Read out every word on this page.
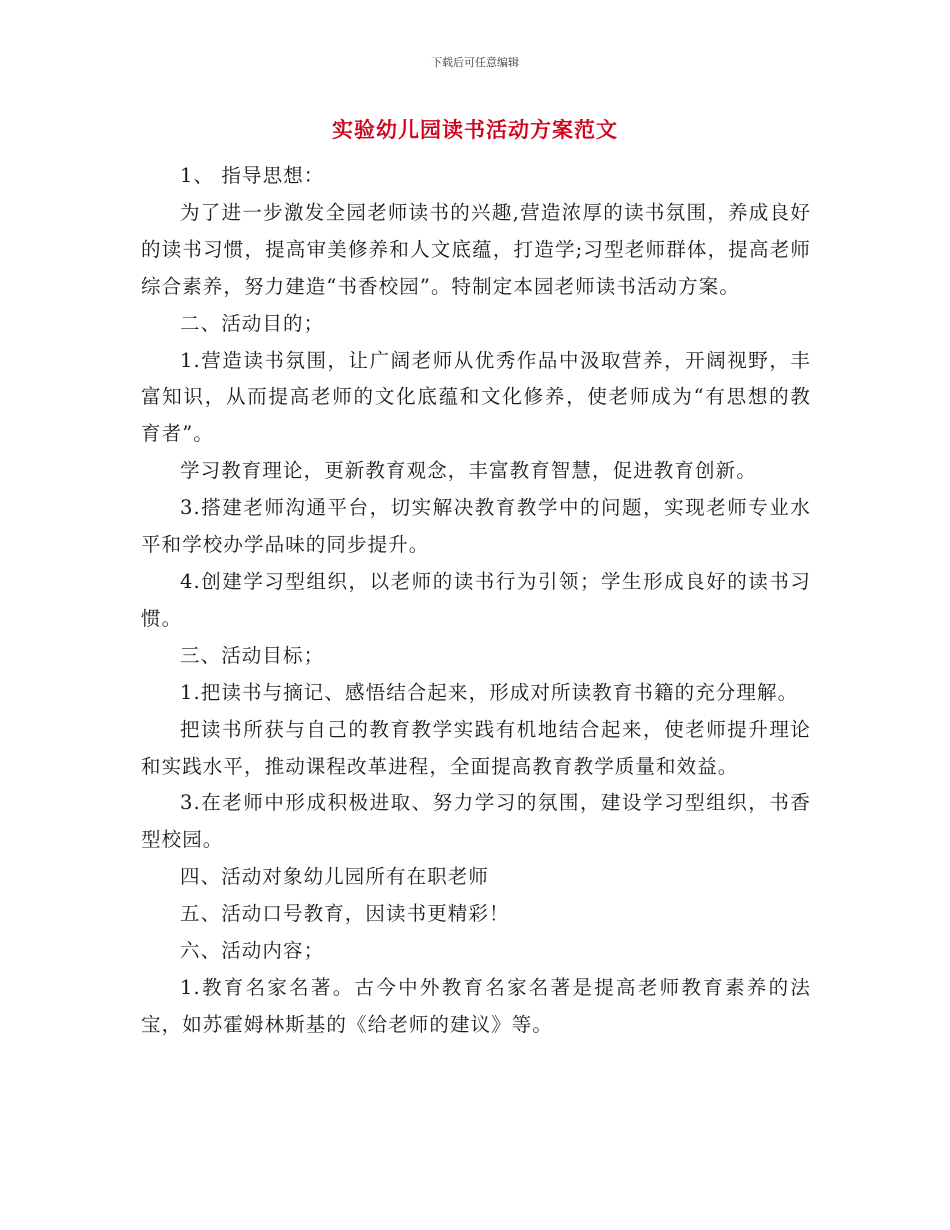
下载后可任意编辑
实验幼儿园读书活动方案范文

1、 指导思想：

为了进一步激发全园老师读书的兴趣,营造浓厚的读书氛围，养成良好的读书习惯，提高审美修养和人文底蕴，打造学;习型老师群体，提高老师综合素养，努力建造“书香校园”。特制定本园老师读书活动方案。

二、活动目的；

1.营造读书氛围，让广阔老师从优秀作品中汲取营养，开阔视野，丰富知识，从而提高老师的文化底蕴和文化修养，使老师成为“有思想的教育者”。

学习教育理论，更新教育观念，丰富教育智慧，促进教育创新。

3.搭建老师沟通平台，切实解决教育教学中的问题，实现老师专业水平和学校办学品味的同步提升。

4.创建学习型组织，以老师的读书行为引领；学生形成良好的读书习惯。

三、活动目标；

1.把读书与摘记、感悟结合起来，形成对所读教育书籍的充分理解。

把读书所获与自己的教育教学实践有机地结合起来，使老师提升理论和实践水平，推动课程改革进程，全面提高教育教学质量和效益。

3.在老师中形成积极进取、努力学习的氛围，建设学习型组织，书香型校园。

四、活动对象幼儿园所有在职老师

五、活动口号教育，因读书更精彩！

六、活动内容；

1.教育名家名著。古今中外教育名家名著是提高老师教育素养的法宝，如苏霍姆林斯基的《给老师的建议》等。
